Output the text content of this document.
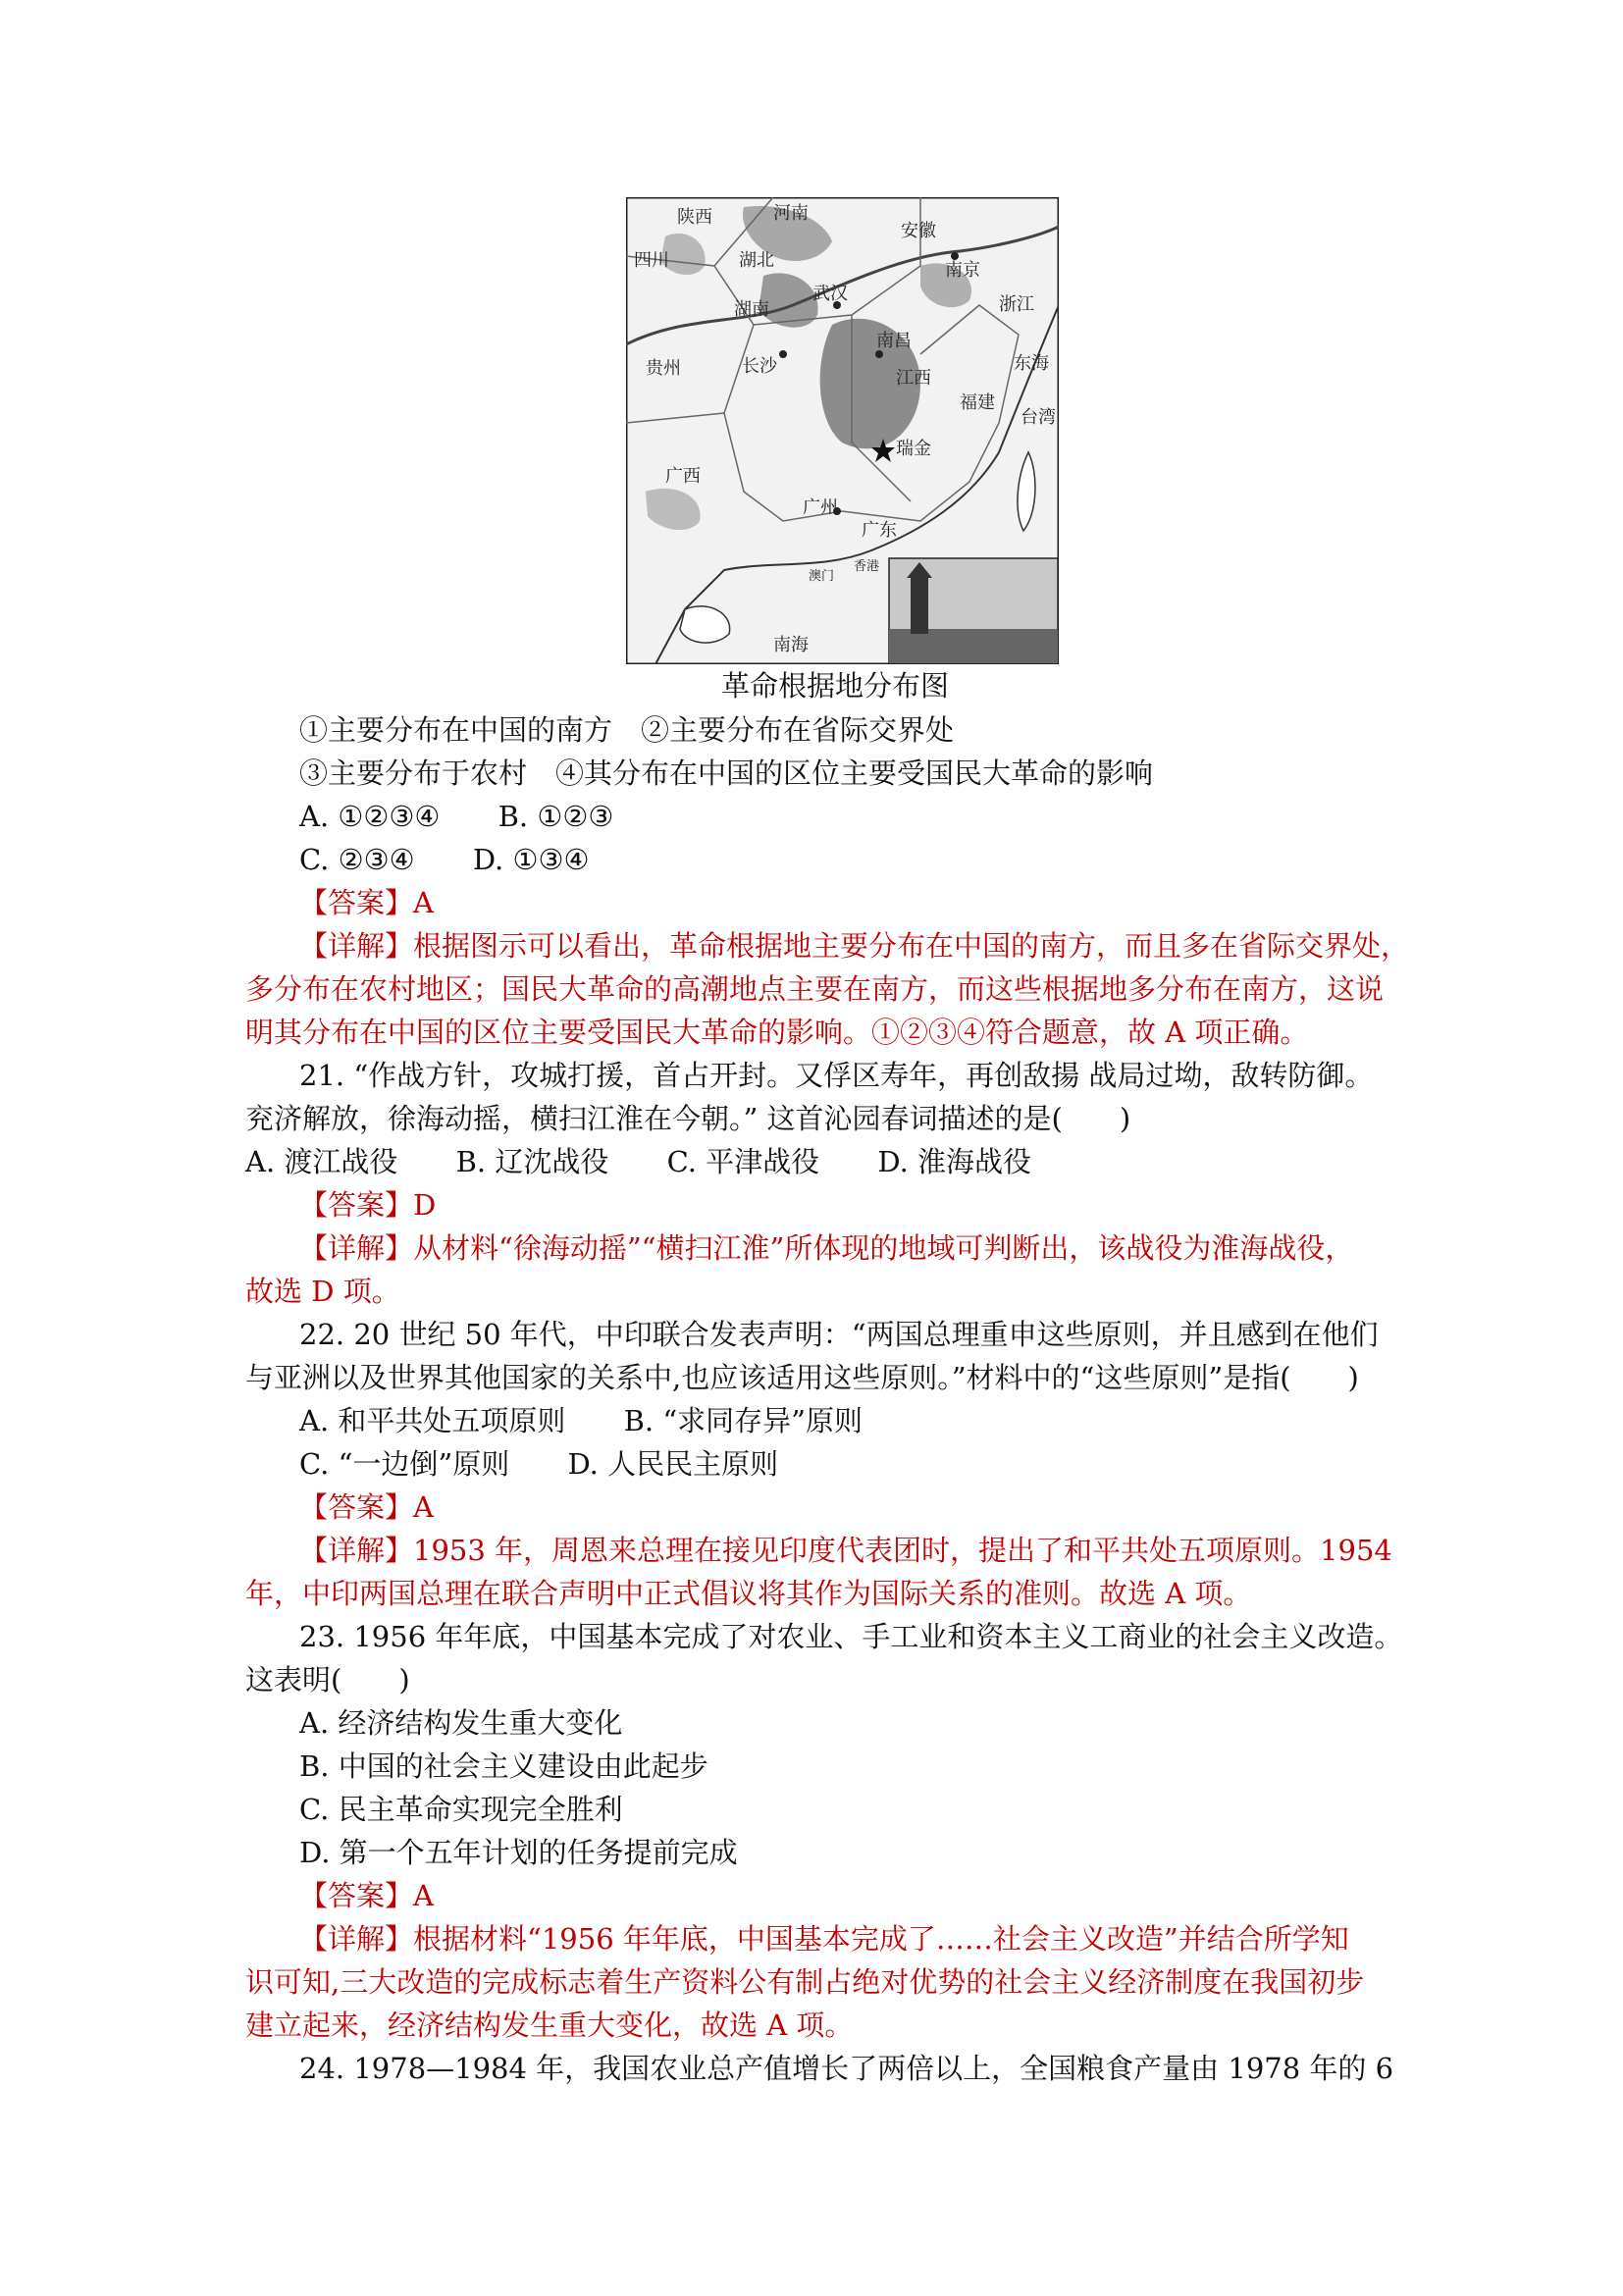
陕西	河南
安徽
南京
四川	湖北
武汉
浙江
湖南
长沙
南昌
江西
贵州
福建
瑞金
台湾
广西
广州
广东
东海
南海
澳门
香港
革命根据地分布图
①主要分布在中国的南方　②主要分布在省际交界处
③主要分布于农村　④其分布在中国的区位主要受国民大革命的影响
A. ①②③④ B. ①②③
C. ②③④ D. ①③④
【答案】A
【详解】根据图示可以看出，革命根据地主要分布在中国的南方，而且多在省际交界处，
多分布在农村地区；国民大革命的高潮地点主要在南方，而这些根据地多分布在南方，这说
明其分布在中国的区位主要受国民大革命的影响。①②③④符合题意，故 A 项正确。
21. “作战方针，攻城打援，首占开封。又俘区寿年，再创敌揚 战局过坳，敌转防御。
兖济解放，徐海动摇，横扫江淮在今朝。” 这首沁园春词描述的是(　　)
A. 渡江战役 B. 辽沈战役 C. 平津战役 D. 淮海战役
【答案】D
【详解】从材料“徐海动摇”“横扫江淮”所体现的地域可判断出，该战役为淮海战役，
故选 D 项。
22. 20 世纪 50 年代，中印联合发表声明：“两国总理重申这些原则，并且感到在他们
与亚洲以及世界其他国家的关系中,也应该适用这些原则。”材料中的“这些原则”是指(　　)
A. 和平共处五项原则 B. “求同存异”原则
C. “一边倒”原则 D. 人民民主原则
【答案】A
【详解】1953 年，周恩来总理在接见印度代表团时，提出了和平共处五项原则。1954
年，中印两国总理在联合声明中正式倡议将其作为国际关系的准则。故选 A 项。
23. 1956 年年底，中国基本完成了对农业、手工业和资本主义工商业的社会主义改造。
这表明(　　)
A. 经济结构发生重大变化
B. 中国的社会主义建设由此起步
C. 民主革命实现完全胜利
D. 第一个五年计划的任务提前完成
【答案】A
【详解】根据材料“1956 年年底，中国基本完成了……社会主义改造”并结合所学知
识可知,三大改造的完成标志着生产资料公有制占绝对优势的社会主义经济制度在我国初步
建立起来，经济结构发生重大变化，故选 A 项。
24. 1978—1984 年，我国农业总产值增长了两倍以上，全国粮食产量由 1978 年的 6
